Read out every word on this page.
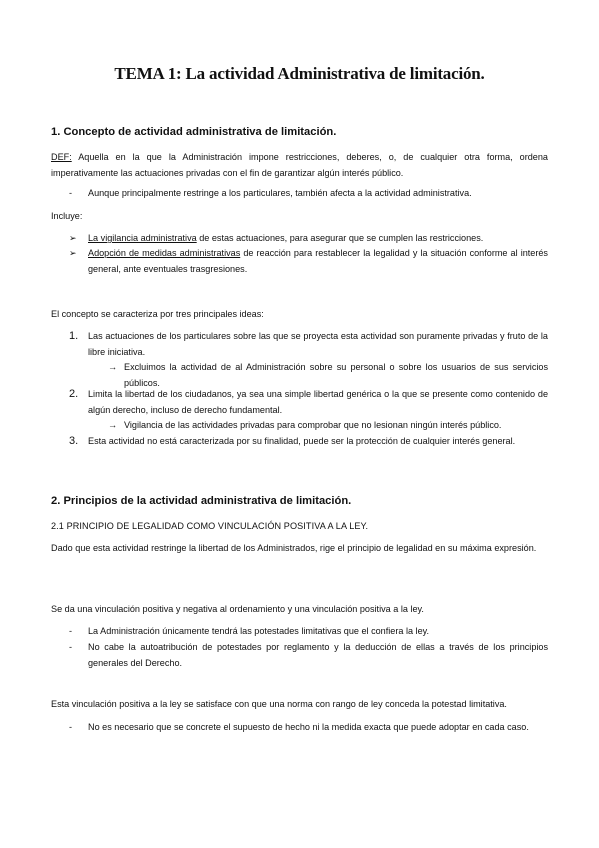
TEMA 1: La actividad Administrativa de limitación.
1. Concepto de actividad administrativa de limitación.
DEF: Aquella en la que la Administración impone restricciones, deberes, o, de cualquier otra forma, ordena imperativamente las actuaciones privadas con el fin de garantizar algún interés público.
- Aunque principalmente restringe a los particulares, también afecta a la actividad administrativa.
Incluye:
➢ La vigilancia administrativa de estas actuaciones, para asegurar que se cumplen las restricciones.
➢ Adopción de medidas administrativas de reacción para restablecer la legalidad y la situación conforme al interés general, ante eventuales trasgresiones.
El concepto se caracteriza por tres principales ideas:
1. Las actuaciones de los particulares sobre las que se proyecta esta actividad son puramente privadas y fruto de la libre iniciativa.
→ Excluimos la actividad de al Administración sobre su personal o sobre los usuarios de sus servicios públicos.
2. Limita la libertad de los ciudadanos, ya sea una simple libertad genérica o la que se presente como contenido de algún derecho, incluso de derecho fundamental.
→ Vigilancia de las actividades privadas para comprobar que no lesionan ningún interés público.
3. Esta actividad no está caracterizada por su finalidad, puede ser la protección de cualquier interés general.
2. Principios de la actividad administrativa de limitación.
2.1 PRINCIPIO DE LEGALIDAD COMO VINCULACIÓN POSITIVA A LA LEY.
Dado que esta actividad restringe la libertad de los Administrados, rige el principio de legalidad en su máxima expresión.
Se da una vinculación positiva y negativa al ordenamiento y una vinculación positiva a la ley.
- La Administración únicamente tendrá las potestades limitativas que el confiera la ley.
- No cabe la autoatribución de potestades por reglamento y la deducción de ellas a través de los principios generales del Derecho.
Esta vinculación positiva a la ley se satisface con que una norma con rango de ley conceda la potestad limitativa.
- No es necesario que se concrete el supuesto de hecho ni la medida exacta que puede adoptar en cada caso.
